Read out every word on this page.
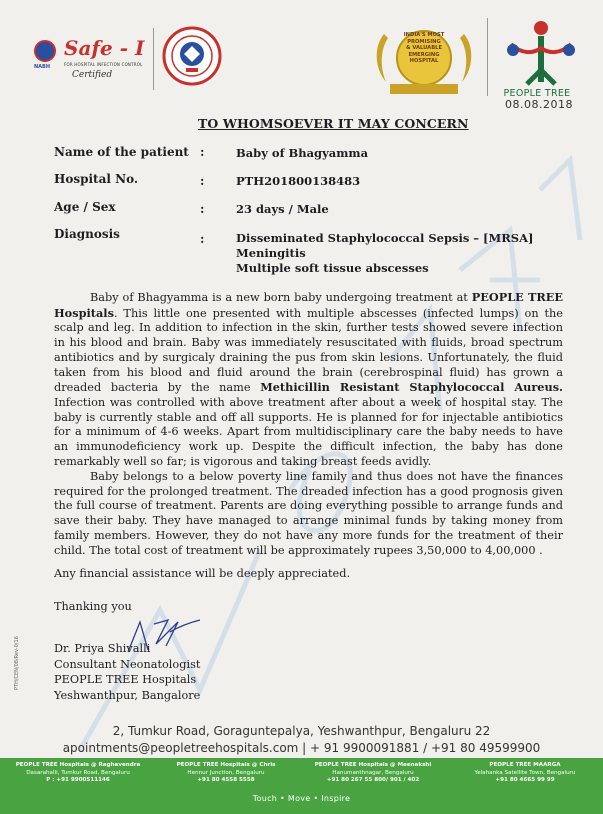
NABH
Safe - I
FOR HOSPITAL INFECTION CONTROL
Certified
INDIA'S MOST
PROMISING
& VALUABLE
EMERGING
HOSPITAL
PEOPLE TREE
08.08.2018
TO WHOMSOEVER IT MAY CONCERN
Name of the patient :	Baby of Bhagyamma
Hospital No.	:	PTH201800138483
Age / Sex	:	23 days / Male
Diagnosis	:	Disseminated Staphylococcal Sepsis – [MRSA]
Meningitis
Multiple soft tissue abscesses

Baby of Bhagyamma is a new born baby undergoing treatment at PEOPLE TREE Hospitals. This little one presented with multiple abscesses (infected lumps) on the scalp and leg. In addition to infection in the skin, further tests showed severe infection in his blood and brain. Baby was immediately resuscitated with fluids, broad spectrum antibiotics and by surgicaly draining the pus from skin lesions. Unfortunately, the fluid taken from his blood and fluid around the brain (cerebrospinal fluid) has grown a dreaded bacteria by the name Methicillin Resistant Staphylococcal Aureus. Infection was controlled with above treatment after about a week of hospital stay. The baby is currently stable and off all supports. He is planned for for injectable antibiotics for a minimum of 4-6 weeks. Apart from multidisciplinary care the baby needs to have an immunodeficiency work up. Despite the difficult infection, the baby has done remarkably well so far; is vigorous and taking breast feeds avidly.

Baby belongs to a below poverty line family and thus does not have the finances required for the prolonged treatment. The dreaded infection has a good prognosis given the full course of treatment. Parents are doing everything possible to arrange funds and save their baby. They have managed to arrange minimal funds by taking money from family members. However, they do not have any more funds for the treatment of their child. The total cost of treatment will be approximately rupees 3,50,000 to 4,00,000 .

Any financial assistance will be deeply appreciated.
Thanking you
Dr. Priya Shivalli
Consultant Neonatologist
PEOPLE TREE Hospitals
Yeshwanthpur, Bangalore
PTH/CEN/08/Rev-0/16
2, Tumkur Road, Goraguntepalya, Yeshwanthpur, Bengaluru 22
apointments@peopletreehospitals.com | + 91 9900091881 / +91 80 49599900
PEOPLE TREE Hospitals @ Raghavendra
Dasarahalli, Tumkur Road, Bengaluru
P : +91 9900511146
PEOPLE TREE Hospitals @ Chris
Hennur Junction, Bengaluru
+91 80 4558 5558
PEOPLE TREE Hospitals @ Meenakshi
Hanumanthnagar, Bengaluru
+91 80 267 55 800/ 901 / 402
PEOPLE TREE MAARGA
Yelahanka Satellite Town, Bengaluru
+91 80 4665 99 99
Touch • Move • Inspire
